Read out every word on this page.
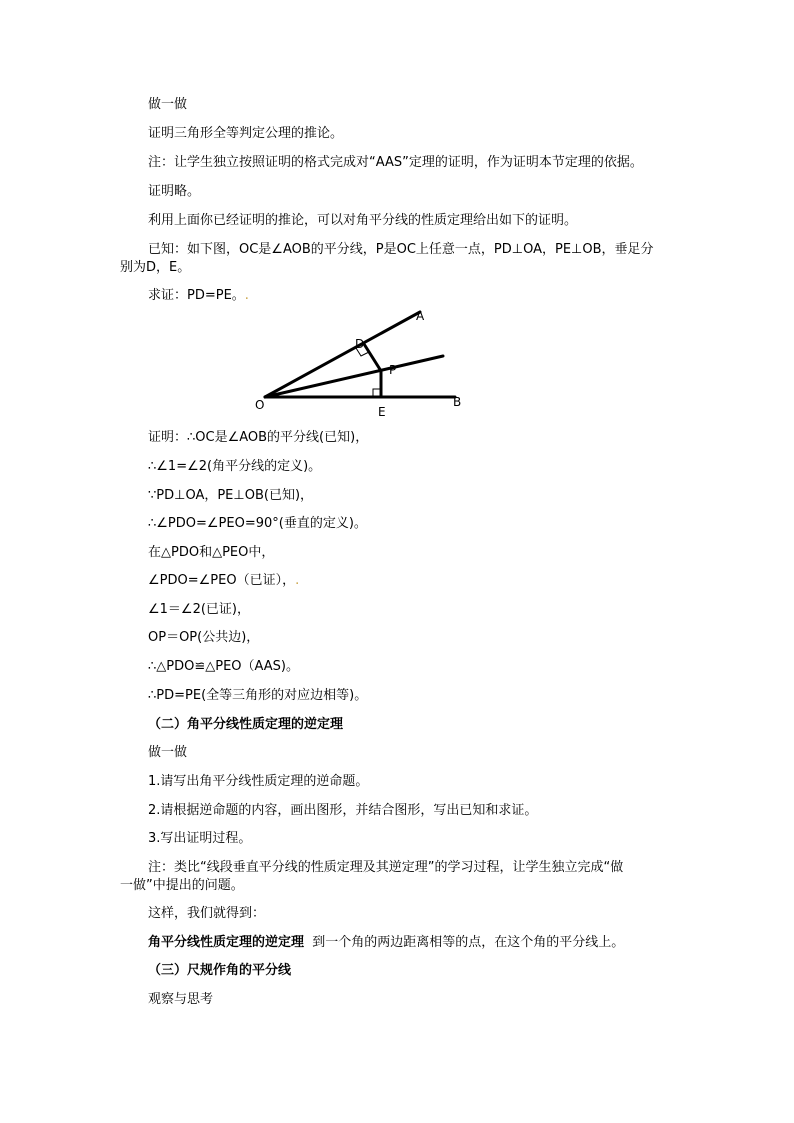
做一做
证明三角形全等判定公理的推论。
注：让学生独立按照证明的格式完成对“AAS”定理的证明，作为证明本节定理的依据。
证明略。
利用上面你已经证明的推论，可以对角平分线的性质定理给出如下的证明。
已知：如下图，OC是∠AOB的平分线，P是OC上任意一点，PD⊥OA，PE⊥OB，垂足分
别为D，E。
求证：PD=PE。.
O
A
B
P
D
E
证明：∴OC是∠AOB的平分线(已知)，
∴∠1=∠2(角平分线的定义)。
∵PD⊥OA，PE⊥OB(已知)，
∴∠PDO=∠PEO=90°(垂直的定义)。
在△PDO和△PEO中，
∠PDO=∠PEO（已证），.
∠1＝∠2(已证)，
OP＝OP(公共边)，
∴△PDO≌△PEO（AAS)。
∴PD=PE(全等三角形的对应边相等)。
（二）角平分线性质定理的逆定理
做一做
1.请写出角平分线性质定理的逆命题。
2.请根据逆命题的内容，画出图形，并结合图形，写出已知和求证。
3.写出证明过程。
注：类比“线段垂直平分线的性质定理及其逆定理”的学习过程，让学生独立完成“做
一做”中提出的问题。
这样，我们就得到：
角平分线性质定理的逆定理 到一个角的两边距离相等的点，在这个角的平分线上。
（三）尺规作角的平分线
观察与思考
